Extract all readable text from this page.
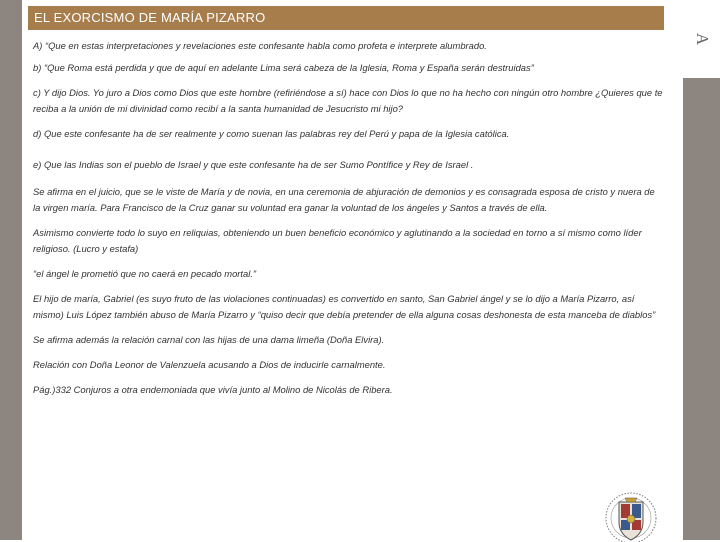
A
EL EXORCISMO DE MARÍA PIZARRO

A) “Que en estas interpretaciones y revelaciones este confesante habla como profeta e interprete alumbrado.

b) “Que Roma está perdida y que de aquí en adelante Lima será cabeza de la Iglesia, Roma y España serán destruidas”

c) Y dijo Dios. Yo juro a Dios como Dios que este hombre (refiriéndose a sí) hace con Dios lo que no ha hecho con ningún otro hombre ¿Quieres que te reciba a la unión de mi divinidad como recibí a la santa humanidad de Jesucristo mi hijo?

d) Que este confesante ha de ser realmente y como suenan las palabras rey del Perú y papa de la Iglesia católica.

e) Que las Indias son el pueblo de Israel y que este confesante ha de ser Sumo Pontífice y Rey de Israel .

Se afirma en el juicio, que se le viste de María y de novia, en una ceremonia de abjuración de demonios y es consagrada esposa de cristo y nuera de la virgen maría. Para Francisco de la Cruz ganar su voluntad era ganar la voluntad de los ángeles y Santos a través de ella.

Asimismo convierte todo lo suyo en reliquias, obteniendo un buen beneficio económico y aglutinando a la sociedad en torno a sí mismo como líder religioso. (Lucro y estafa)

“el ángel le prometió que no caerá en pecado mortal.”

El hijo de maría, Gabriel (es suyo fruto de las violaciones continuadas) es convertido en santo, San Gabriel ángel y se lo dijo a María Pizarro, así mismo) Luis López también abuso de María Pizarro y “quiso decir que debía pretender de ella alguna cosas deshonesta de esta manceba de diablos”

Se afirma además la relación carnal con las hijas de una dama limeña (Doña Elvira).

Relación con Doña Leonor de Valenzuela acusando a Dios de inducirle carnalmente.

Pág.)332 Conjuros a otra endemoniada que vivía junto al Molino de Nicolás de Ribera.
